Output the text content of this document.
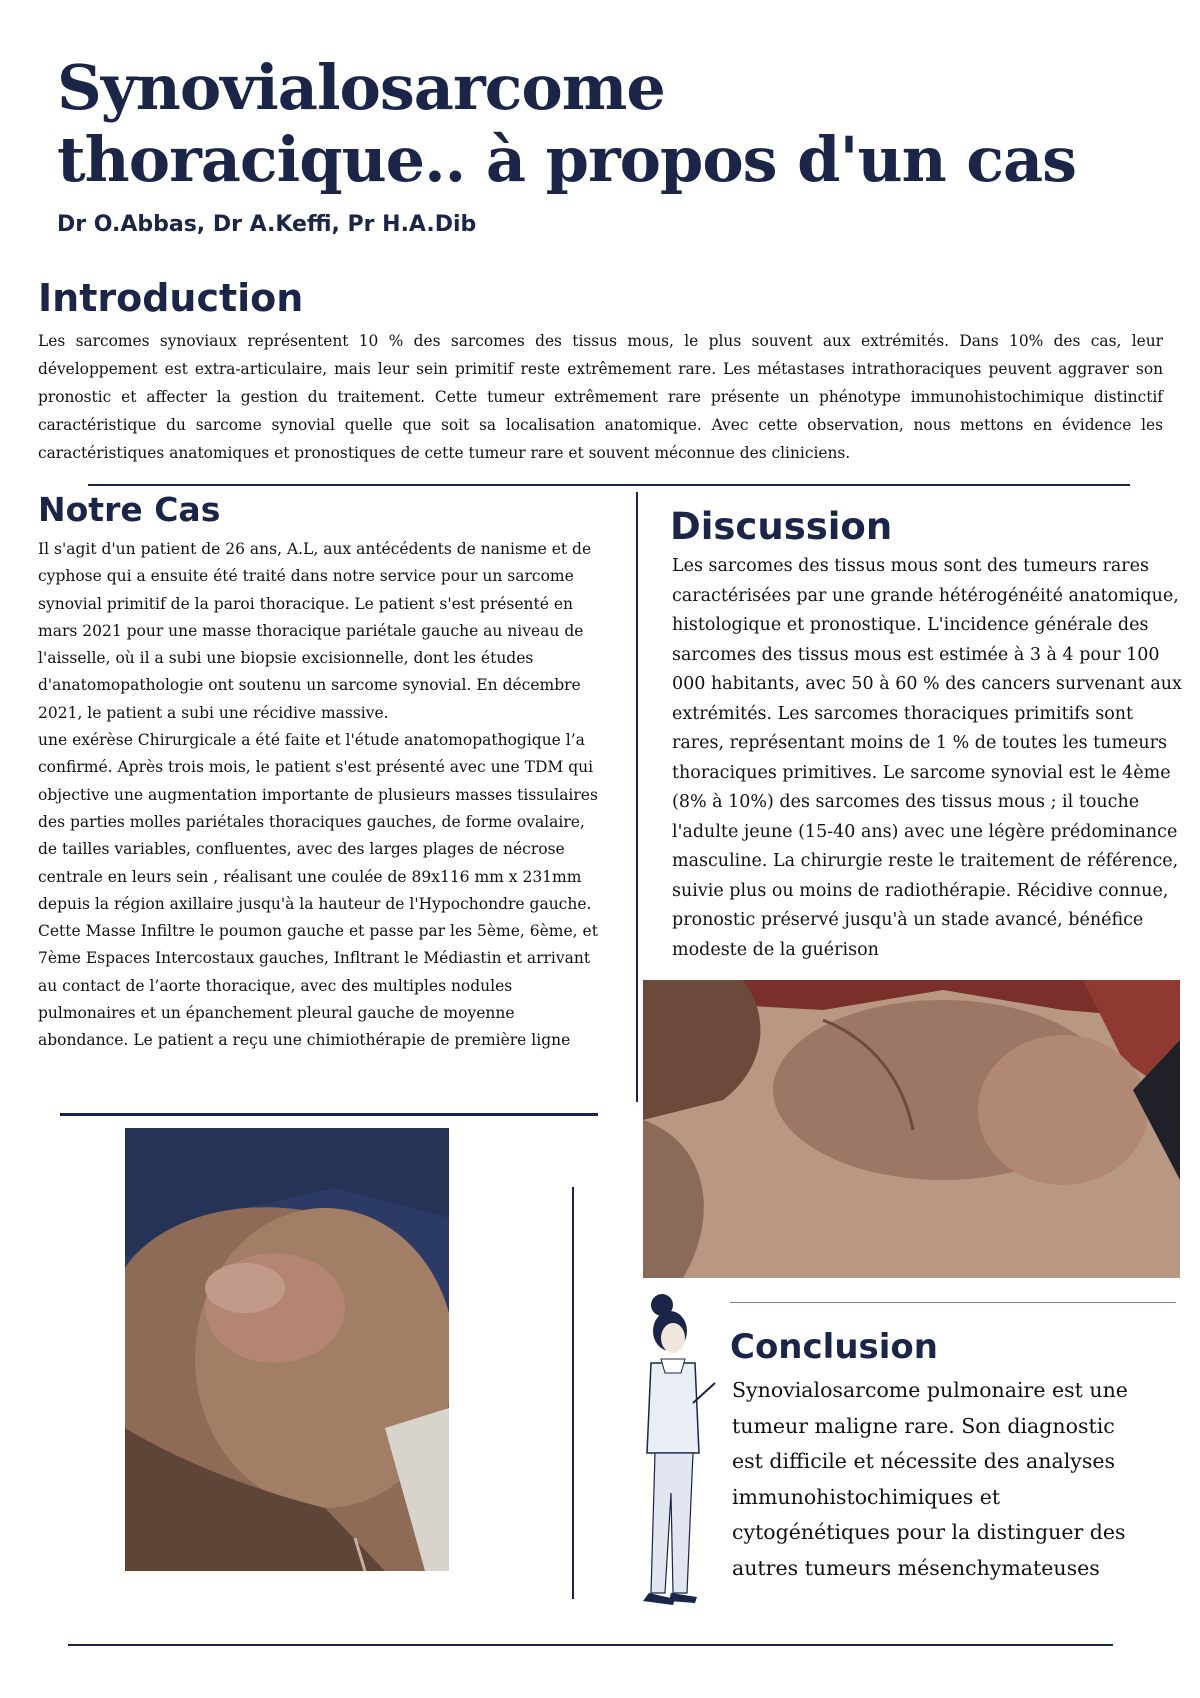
Synovialosarcome
thoracique.. à propos d'un cas
Dr O.Abbas, Dr A.Keffi, Pr H.A.Dib
Introduction

Les sarcomes synoviaux représentent 10 % des sarcomes des tissus mous, le plus souvent aux extrémités. Dans 10% des cas, leur développement est extra-articulaire, mais leur sein primitif reste extrêmement rare. Les métastases intrathoraciques peuvent aggraver son pronostic et affecter la gestion du traitement. Cette tumeur extrêmement rare présente un phénotype immunohistochimique distinctif caractéristique du sarcome synovial quelle que soit sa localisation anatomique. Avec cette observation, nous mettons en évidence les caractéristiques anatomiques et pronostiques de cette tumeur rare et souvent méconnue des cliniciens.

Notre Cas
Il s'agit d'un patient de 26 ans, A.L, aux antécédents de nanisme et de cyphose qui a ensuite été traité dans notre service pour un sarcome synovial primitif de la paroi thoracique. Le patient s'est présenté en mars 2021 pour une masse thoracique pariétale gauche au niveau de l'aisselle, où il a subi une biopsie excisionnelle, dont les études d'anatomopathologie ont soutenu un sarcome synovial. En décembre 2021, le patient a subi une récidive massive.
une exérèse Chirurgicale a été faite et l'étude anatomopathogique l’a confirmé. Après trois mois, le patient s'est présenté avec une TDM qui objective une augmentation importante de plusieurs masses tissulaires des parties molles pariétales thoraciques gauches, de forme ovalaire, de tailles variables, confluentes, avec des larges plages de nécrose centrale en leurs sein , réalisant une coulée de 89x116 mm x 231mm depuis la région axillaire jusqu'à la hauteur de l'Hypochondre gauche. Cette Masse Infiltre le poumon gauche et passe par les 5ème, 6ème, et 7ème Espaces Intercostaux gauches, Infltrant le Médiastin et arrivant au contact de l’aorte thoracique, avec des multiples nodules pulmonaires et un épanchement pleural gauche de moyenne abondance. Le patient a reçu une chimiothérapie de première ligne
Discussion

Les sarcomes des tissus mous sont des tumeurs rares caractérisées par une grande hétérogénéité anatomique, histologique et pronostique. L'incidence générale des sarcomes des tissus mous est estimée à 3 à 4 pour 100 000 habitants, avec 50 à 60 % des cancers survenant aux extrémités. Les sarcomes thoraciques primitifs sont rares, représentant moins de 1 % de toutes les tumeurs thoraciques primitives. Le sarcome synovial est le 4ème (8% à 10%) des sarcomes des tissus mous ; il touche l'adulte jeune (15-40 ans) avec une légère prédominance masculine. La chirurgie reste le traitement de référence, suivie plus ou moins de radiothérapie. Récidive connue, pronostic préservé jusqu'à un stade avancé, bénéfice modeste de la guérison

Conclusion

Synovialosarcome pulmonaire est une tumeur maligne rare. Son diagnostic est difficile et nécessite des analyses immunohistochimiques et cytogénétiques pour la distinguer des autres tumeurs mésenchymateuses
